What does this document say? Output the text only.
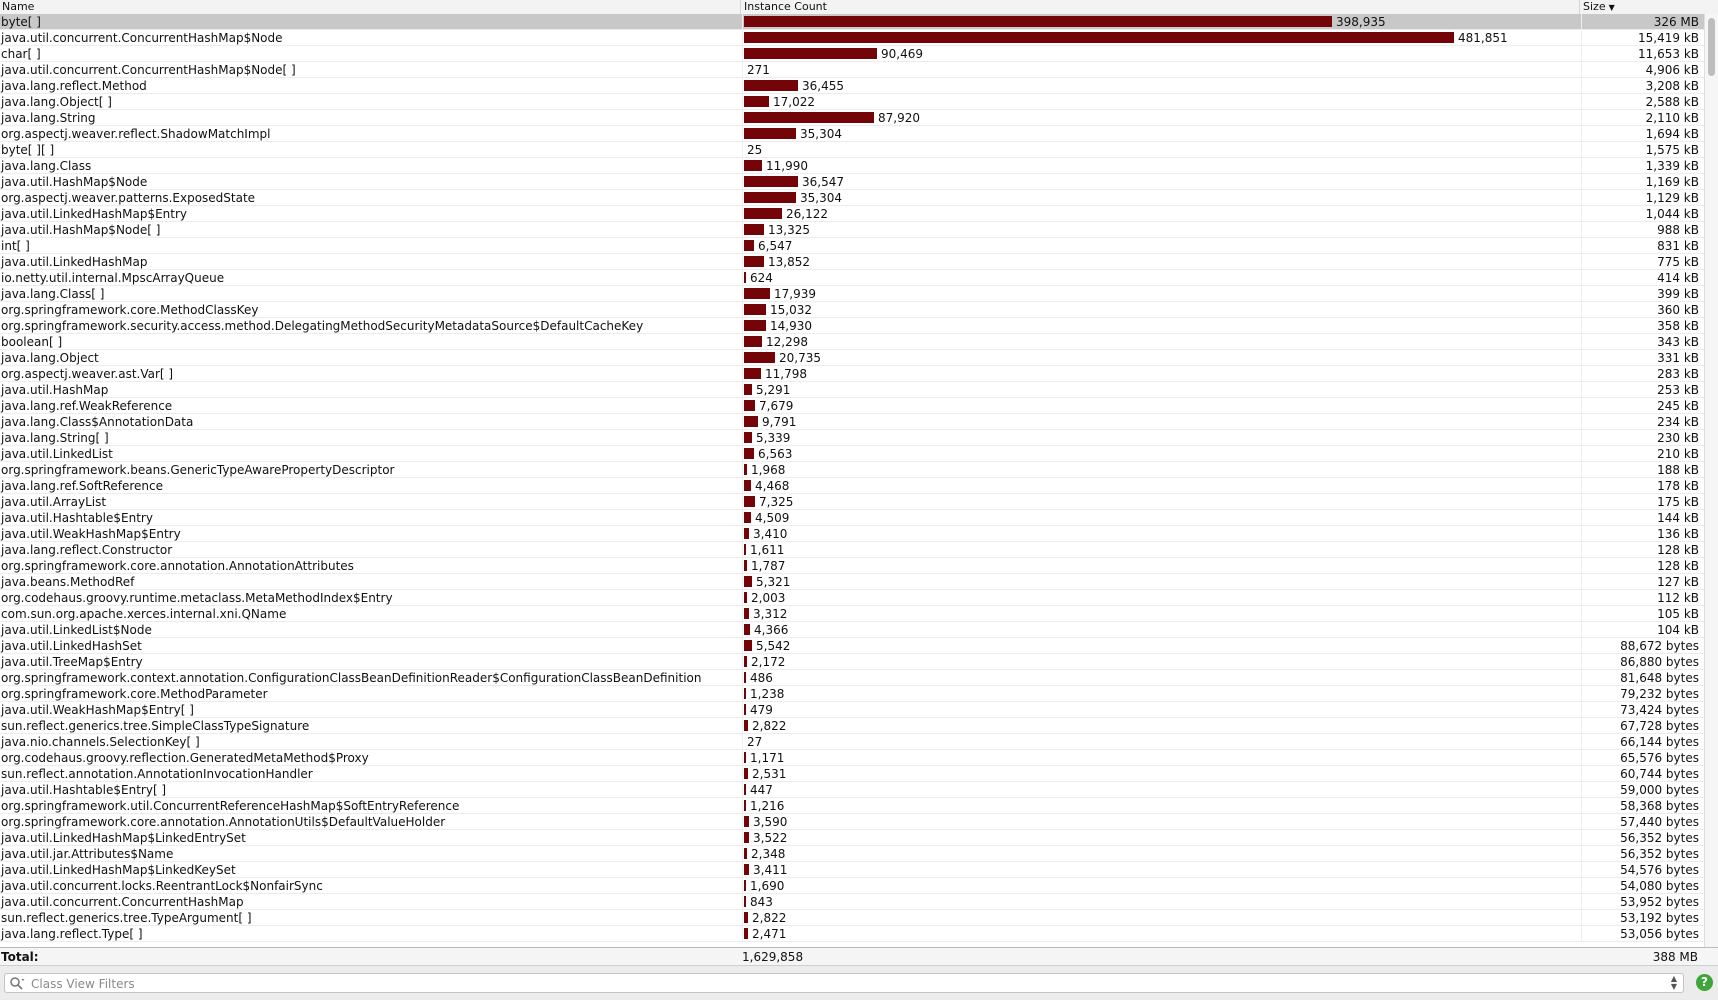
Name	Instance Count	Size ▼
byte[ ]	398,935	326 MB
java.util.concurrent.ConcurrentHashMap$Node	481,851	15,419 kB
char[ ]	90,469	11,653 kB
java.util.concurrent.ConcurrentHashMap$Node[ ]	271	4,906 kB
java.lang.reflect.Method	36,455	3,208 kB
java.lang.Object[ ]	17,022	2,588 kB
java.lang.String	87,920	2,110 kB
org.aspectj.weaver.reflect.ShadowMatchImpl	35,304	1,694 kB
byte[ ][ ]	25	1,575 kB
java.lang.Class	11,990	1,339 kB
java.util.HashMap$Node	36,547	1,169 kB
org.aspectj.weaver.patterns.ExposedState	35,304	1,129 kB
java.util.LinkedHashMap$Entry	26,122	1,044 kB
java.util.HashMap$Node[ ]	13,325	988 kB
int[ ]	6,547	831 kB
java.util.LinkedHashMap	13,852	775 kB
io.netty.util.internal.MpscArrayQueue	624	414 kB
java.lang.Class[ ]	17,939	399 kB
org.springframework.core.MethodClassKey	15,032	360 kB
org.springframework.security.access.method.DelegatingMethodSecurityMetadataSource$DefaultCacheKey	14,930	358 kB
boolean[ ]	12,298	343 kB
java.lang.Object	20,735	331 kB
org.aspectj.weaver.ast.Var[ ]	11,798	283 kB
java.util.HashMap	5,291	253 kB
java.lang.ref.WeakReference	7,679	245 kB
java.lang.Class$AnnotationData	9,791	234 kB
java.lang.String[ ]	5,339	230 kB
java.util.LinkedList	6,563	210 kB
org.springframework.beans.GenericTypeAwarePropertyDescriptor	1,968	188 kB
java.lang.ref.SoftReference	4,468	178 kB
java.util.ArrayList	7,325	175 kB
java.util.Hashtable$Entry	4,509	144 kB
java.util.WeakHashMap$Entry	3,410	136 kB
java.lang.reflect.Constructor	1,611	128 kB
org.springframework.core.annotation.AnnotationAttributes	1,787	128 kB
java.beans.MethodRef	5,321	127 kB
org.codehaus.groovy.runtime.metaclass.MetaMethodIndex$Entry	2,003	112 kB
com.sun.org.apache.xerces.internal.xni.QName	3,312	105 kB
java.util.LinkedList$Node	4,366	104 kB
java.util.LinkedHashSet	5,542	88,672 bytes
java.util.TreeMap$Entry	2,172	86,880 bytes
org.springframework.context.annotation.ConfigurationClassBeanDefinitionReader$ConfigurationClassBeanDefinition	486	81,648 bytes
org.springframework.core.MethodParameter	1,238	79,232 bytes
java.util.WeakHashMap$Entry[ ]	479	73,424 bytes
sun.reflect.generics.tree.SimpleClassTypeSignature	2,822	67,728 bytes
java.nio.channels.SelectionKey[ ]	27	66,144 bytes
org.codehaus.groovy.reflection.GeneratedMetaMethod$Proxy	1,171	65,576 bytes
sun.reflect.annotation.AnnotationInvocationHandler	2,531	60,744 bytes
java.util.Hashtable$Entry[ ]	447	59,000 bytes
org.springframework.util.ConcurrentReferenceHashMap$SoftEntryReference	1,216	58,368 bytes
org.springframework.core.annotation.AnnotationUtils$DefaultValueHolder	3,590	57,440 bytes
java.util.LinkedHashMap$LinkedEntrySet	3,522	56,352 bytes
java.util.jar.Attributes$Name	2,348	56,352 bytes
java.util.LinkedHashMap$LinkedKeySet	3,411	54,576 bytes
java.util.concurrent.locks.ReentrantLock$NonfairSync	1,690	54,080 bytes
java.util.concurrent.ConcurrentHashMap	843	53,952 bytes
sun.reflect.generics.tree.TypeArgument[ ]	2,822	53,192 bytes
java.lang.reflect.Type[ ]	2,471	53,056 bytes
Total:	1,629,858	388 MB
Class View Filters
▲
▼	?
